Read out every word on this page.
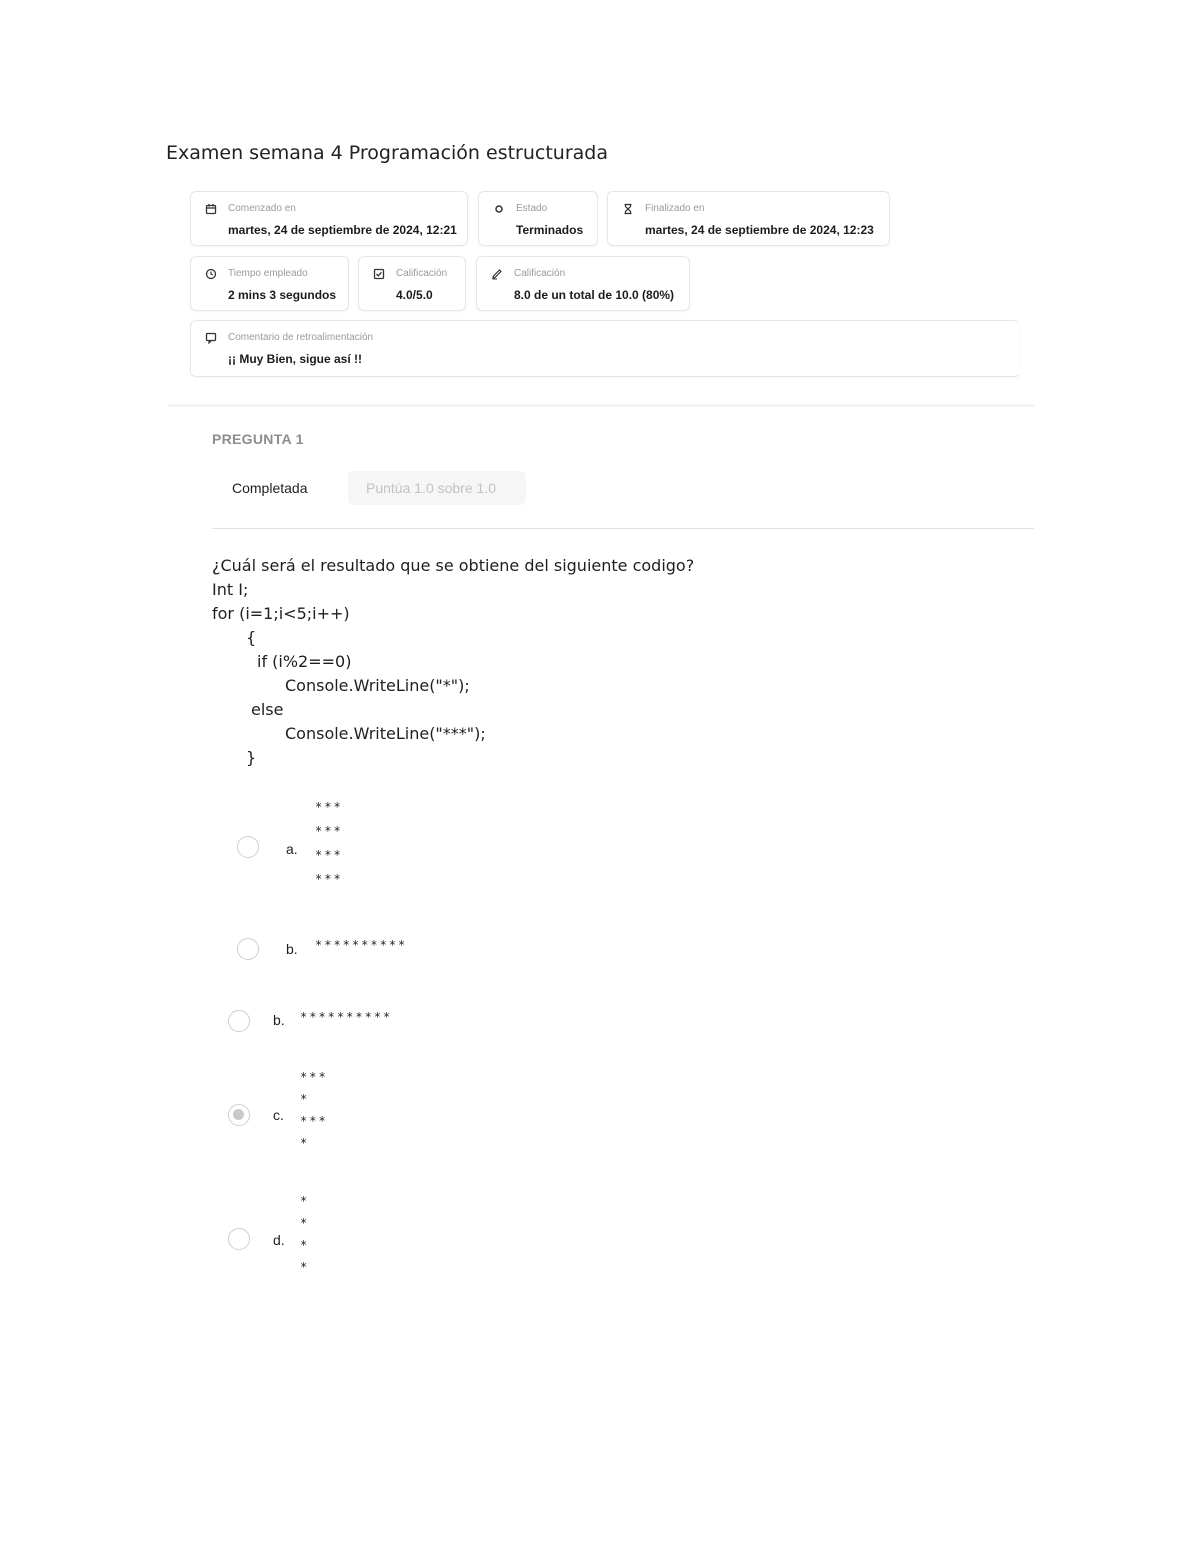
Examen semana 4 Programación estructurada
Comenzado en
martes, 24 de septiembre de 2024, 12:21
Estado
Terminados
Finalizado en
martes, 24 de septiembre de 2024, 12:23
Tiempo empleado
2 mins 3 segundos
Calificación
4.0/5.0
Calificación
8.0 de un total de 10.0 (80%)
Comentario de retroalimentación
¡¡ Muy Bien, sigue así !!
PREGUNTA 1
Completada	Puntúa 1.0 sobre 1.0
¿Cuál será el resultado que se obtiene del siguiente codigo?
Int I;
for (i=1;i<5;i++)
{
if (i%2==0)
Console.WriteLine("*");
else
Console.WriteLine("***");
}
a.
***
***
***
***
b. **********
b. **********
c.
***
*
***
*
d.
*
*
*
*
